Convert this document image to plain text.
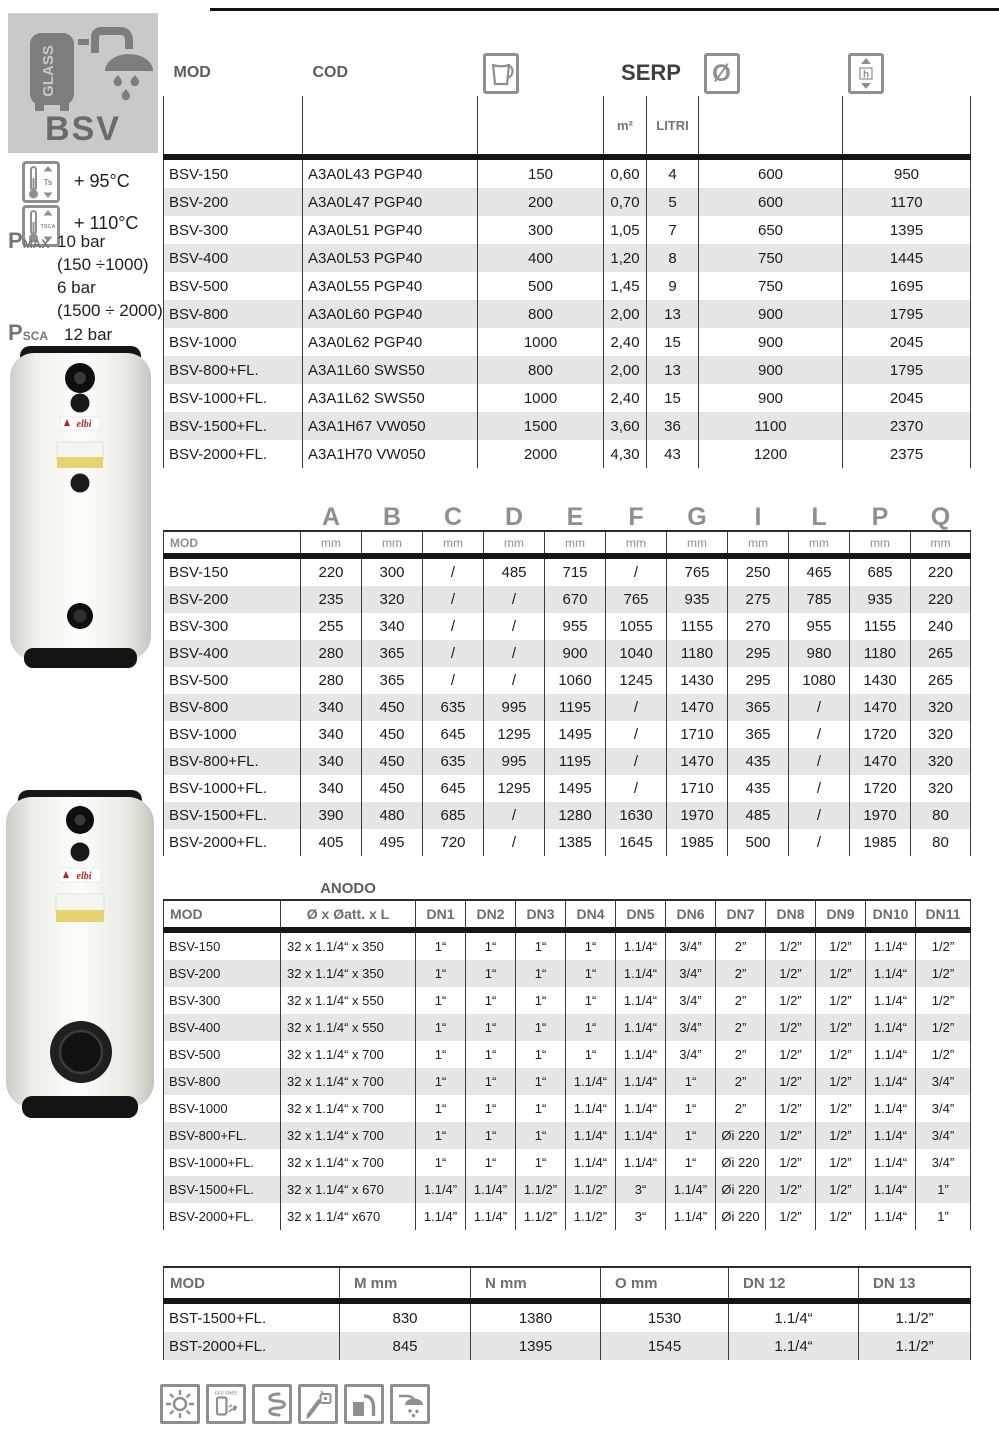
GLASS
BSV
Ts + 95°C
TSCA + 110°C
PMAX 10 bar
(150 ÷1000)
6 bar
(1500 ÷ 2000)
PSCA 12 bar
elbi
elbi
MOD	COD		SERP		Ø	h

			m²	LITRI		
BSV-150	A3A0L43 PGP40	150	0,60	4	600	950
BSV-200	A3A0L47 PGP40	200	0,70	5	600	1170
BSV-300	A3A0L51 PGP40	300	1,05	7	650	1395
BSV-400	A3A0L53 PGP40	400	1,20	8	750	1445
BSV-500	A3A0L55 PGP40	500	1,45	9	750	1695
BSV-800	A3A0L60 PGP40	800	2,00	13	900	1795
BSV-1000	A3A0L62 PGP40	1000	2,40	15	900	2045
BSV-800+FL.	A3A1L60 SWS50	800	2,00	13	900	1795
BSV-1000+FL.	A3A1L62 SWS50	1000	2,40	15	900	2045
BSV-1500+FL.	A3A1H67 VW050	1500	3,60	36	1100	2370
BSV-2000+FL.	A3A1H70 VW050	2000	4,30	43	1200	2375
	A	B	C	D	E	F	G	I	L	P	Q
MOD	mm	mm	mm	mm	mm	mm	mm	mm	mm	mm	mm
BSV-150	220	300	/	485	715	/	765	250	465	685	220
BSV-200	235	320	/	/	670	765	935	275	785	935	220
BSV-300	255	340	/	/	955	1055	1155	270	955	1155	240
BSV-400	280	365	/	/	900	1040	1180	295	980	1180	265
BSV-500	280	365	/	/	1060	1245	1430	295	1080	1430	265
BSV-800	340	450	635	995	1195	/	1470	365	/	1470	320
BSV-1000	340	450	645	1295	1495	/	1710	365	/	1720	320
BSV-800+FL.	340	450	635	995	1195	/	1470	435	/	1470	320
BSV-1000+FL.	340	450	645	1295	1495	/	1710	435	/	1720	320
BSV-1500+FL.	390	480	685	/	1280	1630	1970	485	/	1970	80
BSV-2000+FL.	405	495	720	/	1385	1645	1985	500	/	1985	80
	ANODO											
MOD	Ø x Øatt. x L	DN1	DN2	DN3	DN4	DN5	DN6	DN7	DN8	DN9	DN10	DN11
BSV-150	32 x 1.1/4“ x 350	1“	1“	1“	1“	1.1/4“	3/4”	2”	1/2”	1/2”	1.1/4“	1/2”
BSV-200	32 x 1.1/4“ x 350	1“	1“	1“	1“	1.1/4“	3/4”	2”	1/2”	1/2”	1.1/4“	1/2”
BSV-300	32 x 1.1/4“ x 550	1“	1“	1“	1“	1.1/4“	3/4”	2”	1/2”	1/2”	1.1/4“	1/2”
BSV-400	32 x 1.1/4“ x 550	1“	1“	1“	1“	1.1/4“	3/4”	2”	1/2”	1/2”	1.1/4“	1/2”
BSV-500	32 x 1.1/4“ x 700	1“	1“	1“	1“	1.1/4“	3/4”	2”	1/2”	1/2”	1.1/4“	1/2”
BSV-800	32 x 1.1/4“ x 700	1“	1“	1“	1.1/4“	1.1/4“	1“	2”	1/2”	1/2”	1.1/4“	3/4”
BSV-1000	32 x 1.1/4“ x 700	1“	1“	1“	1.1/4“	1.1/4“	1“	2”	1/2”	1/2”	1.1/4“	3/4”
BSV-800+FL.	32 x 1.1/4“ x 700	1“	1“	1“	1.1/4“	1.1/4“	1“	Øi 220	1/2”	1/2”	1.1/4“	3/4”
BSV-1000+FL.	32 x 1.1/4“ x 700	1“	1“	1“	1.1/4“	1.1/4“	1“	Øi 220	1/2”	1/2”	1.1/4“	3/4”
BSV-1500+FL.	32 x 1.1/4“ x 670	1.1/4”	1.1/4”	1.1/2”	1.1/2”	3“	1.1/4”	Øi 220	1/2”	1/2”	1.1/4“	1”
BSV-2000+FL.	32 x 1.1/4“ x670	1.1/4”	1.1/4”	1.1/2”	1.1/2”	3“	1.1/4”	Øi 220	1/2”	1/2”	1.1/4“	1”
MOD	M mm	N mm	O mm	DN 12	DN 13
BST-1500+FL.	830	1380	1530	1.1/4“	1.1/2”
BST-2000+FL.	845	1395	1545	1.1/4“	1.1/2”
CFC FREE
